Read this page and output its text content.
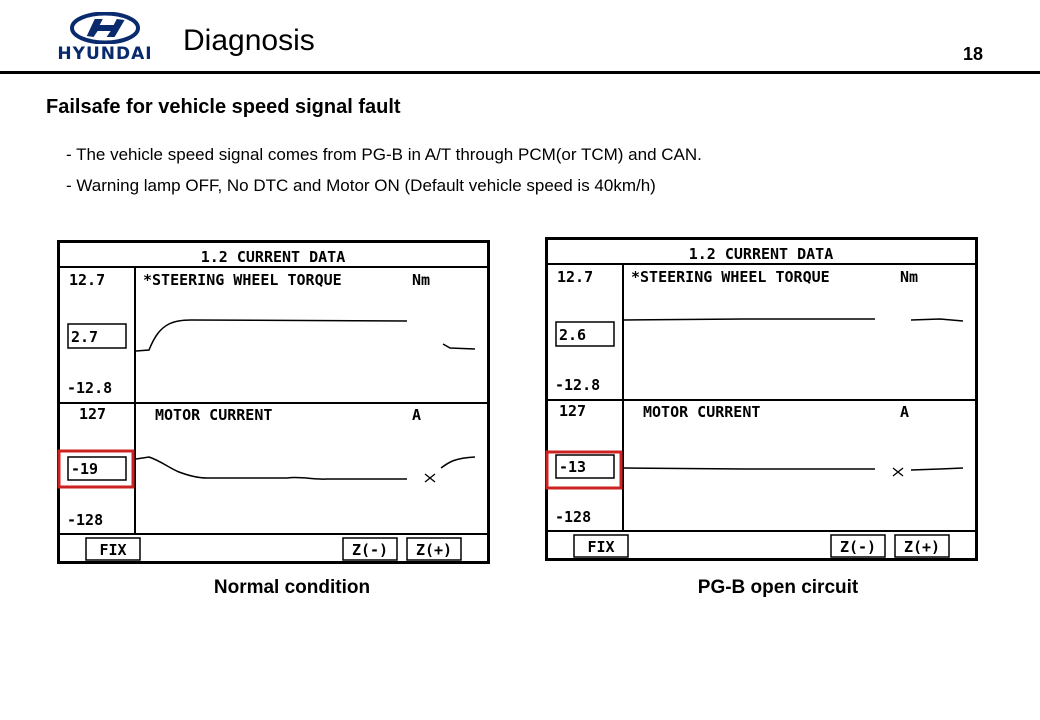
HYUNDAI Diagnosis	18
Failsafe for vehicle speed signal fault
- The vehicle speed signal comes from PG-B in A/T through PCM(or TCM) and CAN.
- Warning lamp OFF, No DTC and Motor ON (Default vehicle speed is 40km/h)
1.2 CURRENT DATA
12.7	*STEERING WHEEL TORQUE	Nm
2.7
-12.8
127	MOTOR CURRENT	A
-19
-128
FIX	Z(-) Z(+)
1.2 CURRENT DATA
12.7	*STEERING WHEEL TORQUE	Nm
2.6
-12.8
127	MOTOR CURRENT	A
-13
-128
FIX	Z(-) Z(+)
Normal condition	PG-B open circuit
